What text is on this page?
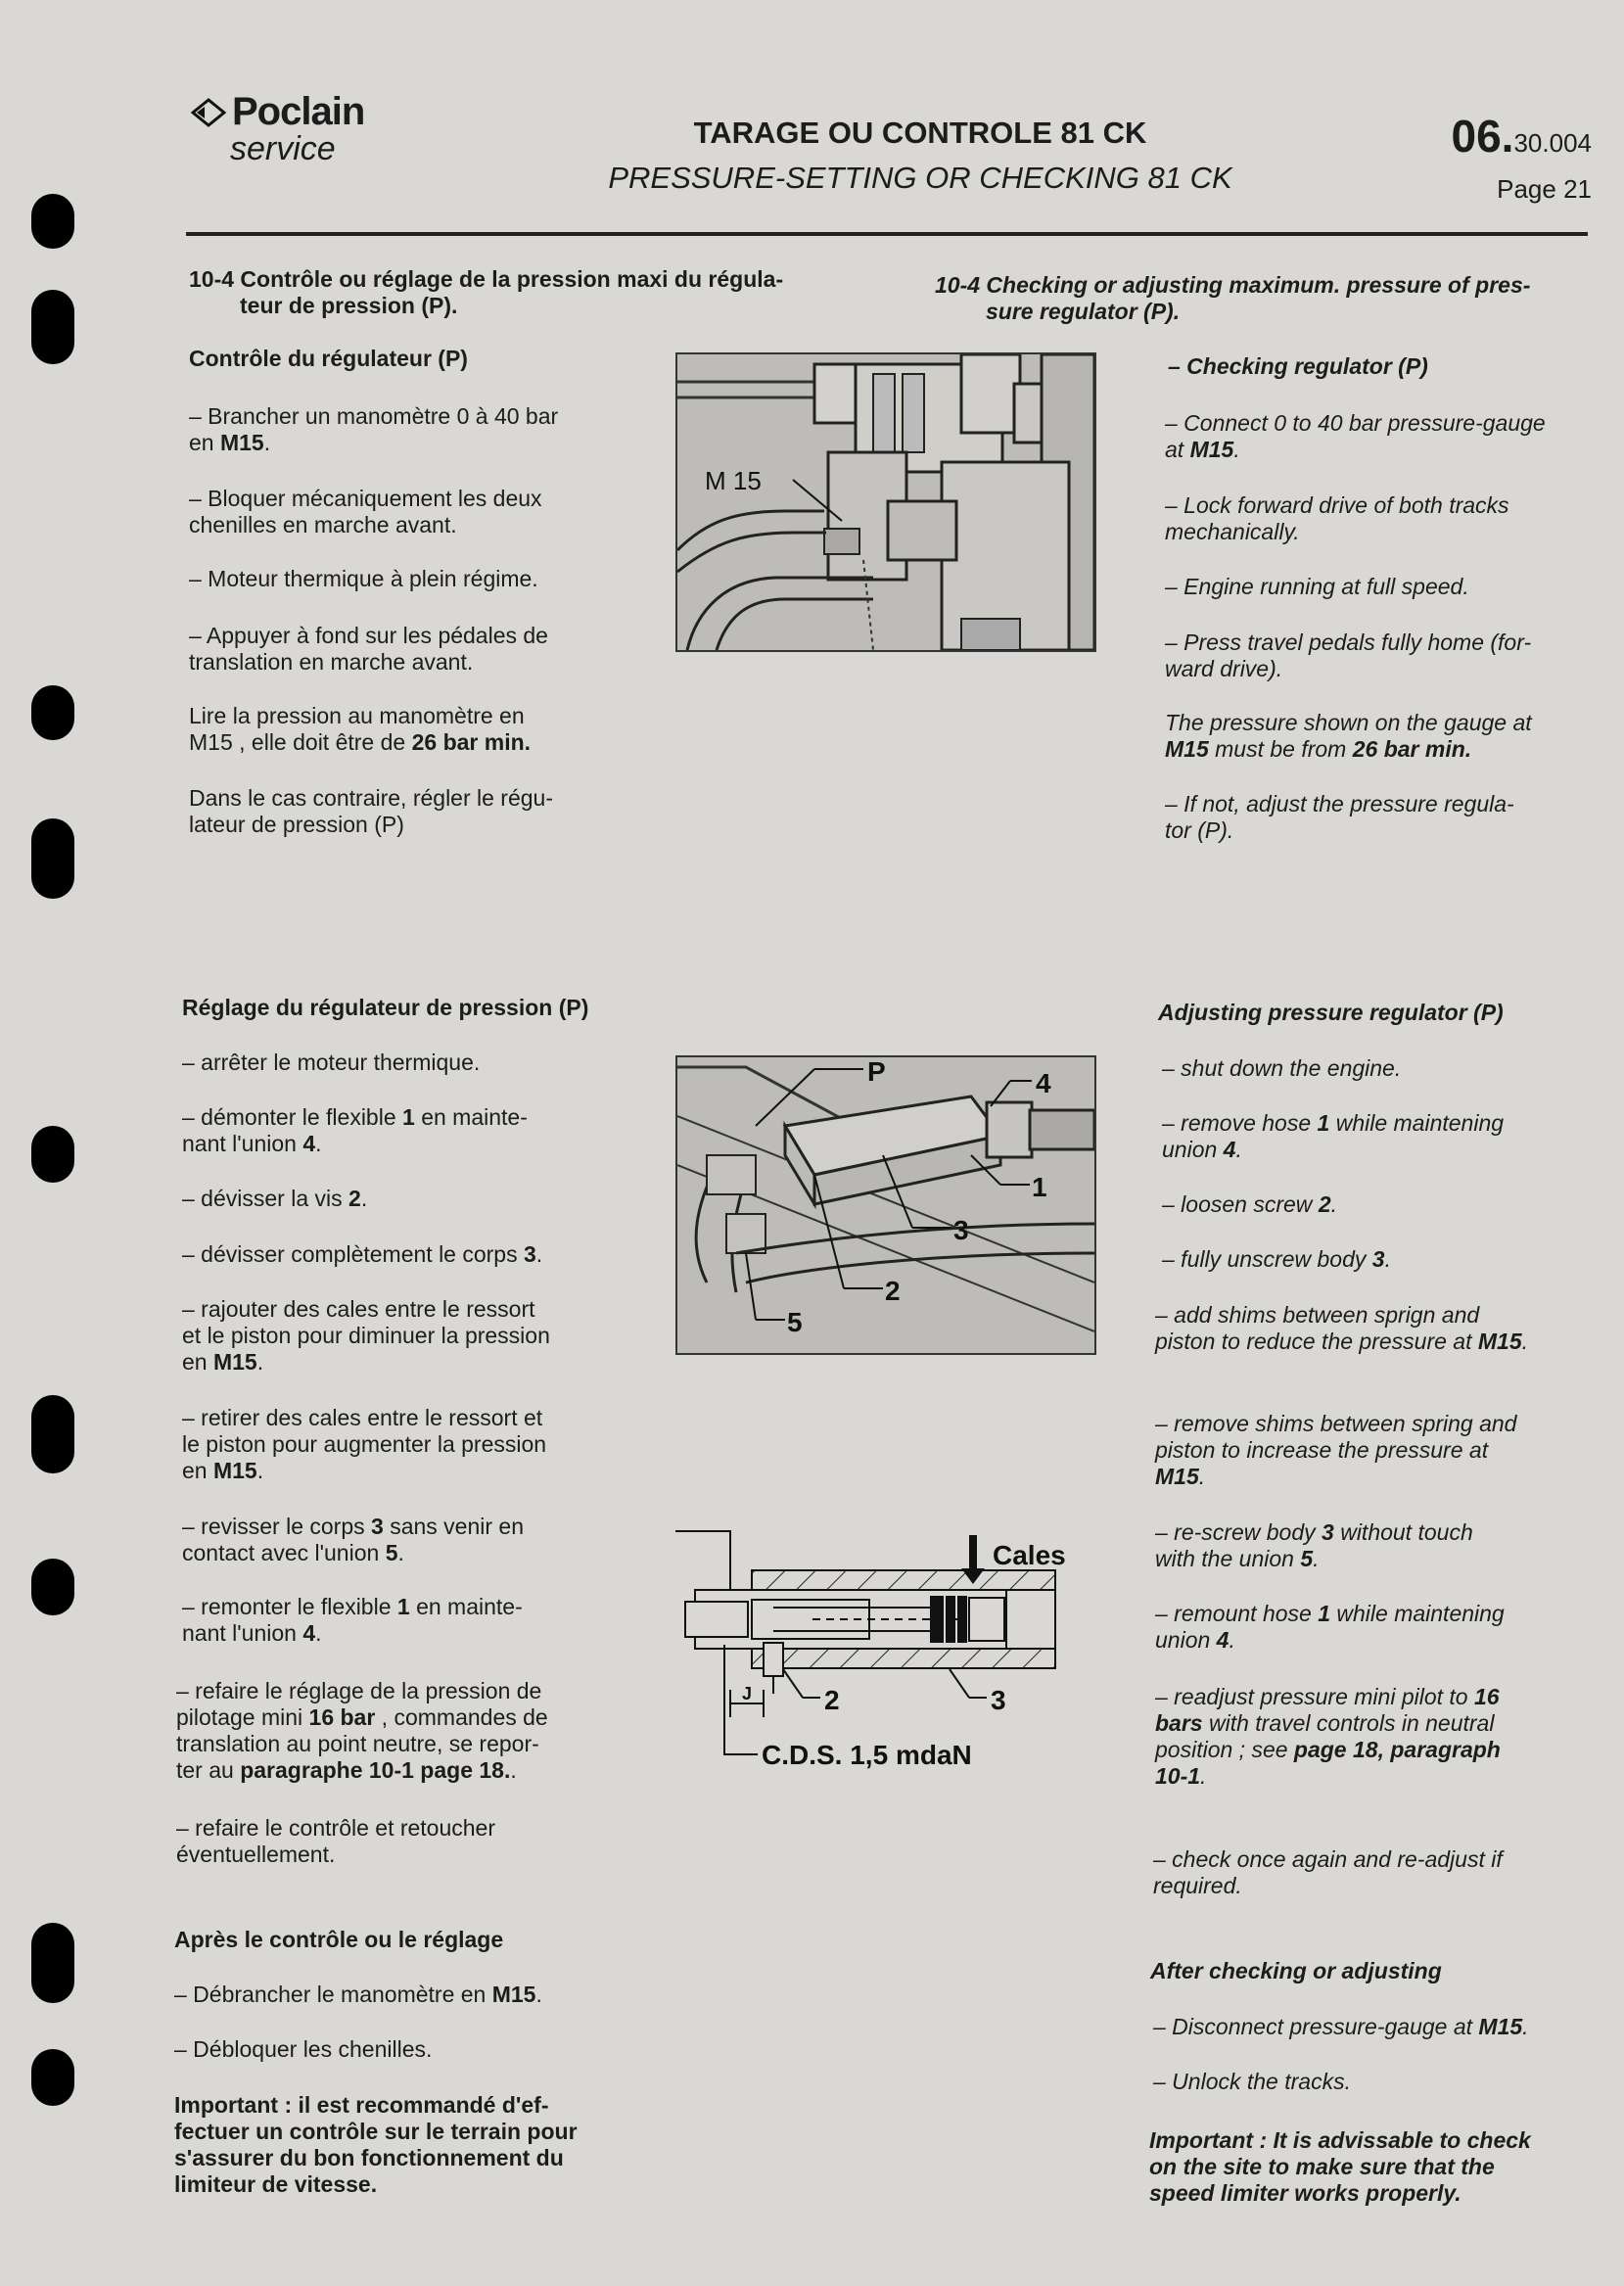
Poclain
service	TARAGE OU CONTROLE 81 CK
PRESSURE-SETTING OR CHECKING 81 CK
06.30.004
Page 21
10-4 Contrôle ou réglage de la pression maxi du régula-
teur de pression (P).
Contrôle du régulateur (P)
– Brancher un manomètre 0 à 40 bar
en M15.
– Bloquer mécaniquement les deux
chenilles en marche avant.
– Moteur thermique à plein régime.
– Appuyer à fond sur les pédales de
translation en marche avant.
Lire la pression au manomètre en
M15 , elle doit être de 26 bar min.
Dans le cas contraire, régler le régu-
lateur de pression (P)
Réglage du régulateur de pression (P)
– arrêter le moteur thermique.
– démonter le flexible 1 en mainte-
nant l'union 4.
– dévisser la vis 2.
– dévisser complètement le corps 3.
– rajouter des cales entre le ressort
et le piston pour diminuer la pression
en M15.
– retirer des cales entre le ressort et
le piston pour augmenter la pression
en M15.
– revisser le corps 3 sans venir en
contact avec l'union 5.
– remonter le flexible 1 en mainte-
nant l'union 4.
– refaire le réglage de la pression de
pilotage mini 16 bar , commandes de
translation au point neutre, se repor-
ter au paragraphe 10-1 page 18..
– refaire le contrôle et retoucher
éventuellement.
Après le contrôle ou le réglage
– Débrancher le manomètre en M15.
– Débloquer les chenilles.
Important : il est recommandé d'ef-
fectuer un contrôle sur le terrain pour
s'assurer du bon fonctionnement du
limiteur de vitesse.
10-4 Checking or adjusting maximum. pressure of pres-
sure regulator (P).
– Checking regulator (P)
– Connect 0 to 40 bar pressure-gauge
at M15.
– Lock forward drive of both tracks
mechanically.
– Engine running at full speed.
– Press travel pedals fully home (for-
ward drive).
The pressure shown on the gauge at
M15 must be from 26 bar min.
– If not, adjust the pressure regula-
tor (P).
Adjusting pressure regulator (P)
– shut down the engine.
– remove hose 1 while maintening
union 4.
– loosen screw 2.
– fully unscrew body 3.
– add shims between sprign and
piston to reduce the pressure at M15.
– remove shims between spring and
piston to increase the pressure at
M15.
– re-screw body 3 without touch
with the union 5.
– remount hose 1 while maintening
union 4.
– readjust pressure mini pilot to 16
bars with travel controls in neutral
position ; see page 18, paragraph
10-1.
– check once again and re-adjust if
required.
After checking or adjusting
– Disconnect pressure-gauge at M15.
– Unlock the tracks.
Important : It is advissable to check
on the site to make sure that the
speed limiter works properly.
M 15
P	4
1
3
2
5
Cales
J	2	3
C.D.S. 1,5 mdaN
